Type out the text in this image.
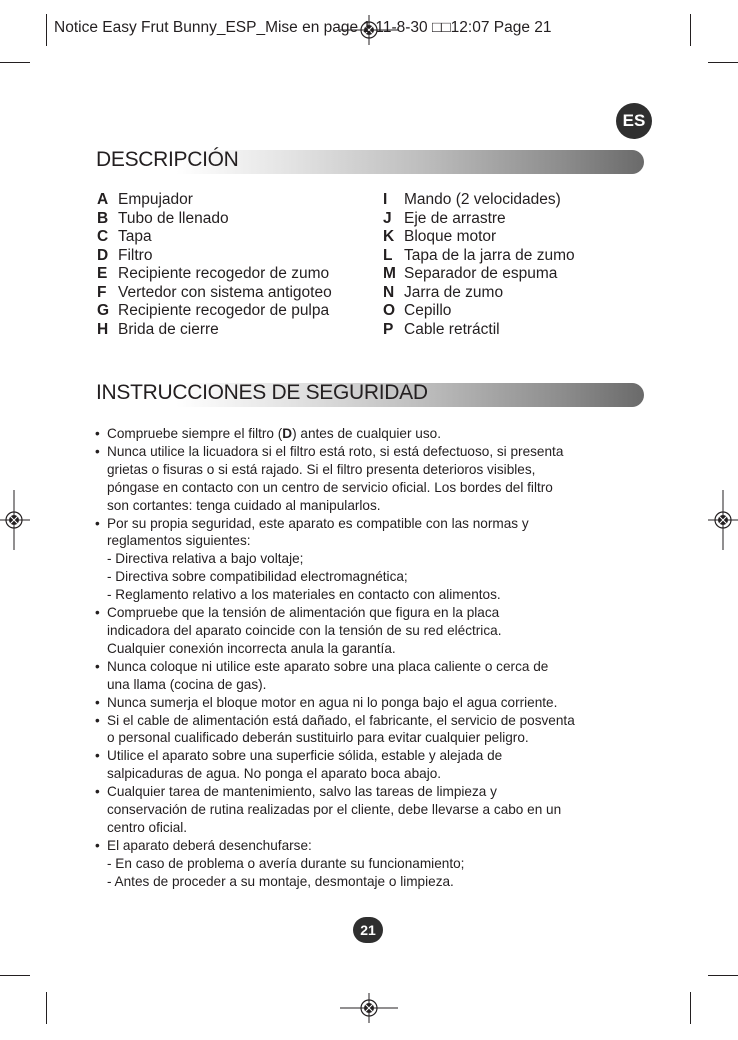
Notice Easy Frut Bunny_ESP_Mise en page 1 11-8-30 □□12:07 Page 21
ES
DESCRIPCIÓN
A Empujador
B Tubo de llenado
C Tapa
D Filtro
E Recipiente recogedor de zumo
F Vertedor con sistema antigoteo
G Recipiente recogedor de pulpa
H Brida de cierre
I	Mando (2 velocidades)
J Eje de arrastre
K Bloque motor
L Tapa de la jarra de zumo
M Separador de espuma
N Jarra de zumo
O Cepillo
P Cable retráctil
INSTRUCCIONES DE SEGURIDAD
• Compruebe siempre el filtro (D) antes de cualquier uso.
• Nunca utilice la licuadora si el filtro está roto, si está defectuoso, si presenta
grietas o fisuras o si está rajado. Si el filtro presenta deterioros visibles,
póngase en contacto con un centro de servicio oficial. Los bordes del filtro
son cortantes: tenga cuidado al manipularlos.
• Por su propia seguridad, este aparato es compatible con las normas y
reglamentos siguientes:
- Directiva relativa a bajo voltaje;
- Directiva sobre compatibilidad electromagnética;
- Reglamento relativo a los materiales en contacto con alimentos.
• Compruebe que la tensión de alimentación que figura en la placa
indicadora del aparato coincide con la tensión de su red eléctrica.
Cualquier conexión incorrecta anula la garantía.
• Nunca coloque ni utilice este aparato sobre una placa caliente o cerca de
una llama (cocina de gas).
• Nunca sumerja el bloque motor en agua ni lo ponga bajo el agua corriente.
• Si el cable de alimentación está dañado, el fabricante, el servicio de posventa
o personal cualificado deberán sustituirlo para evitar cualquier peligro.
• Utilice el aparato sobre una superficie sólida, estable y alejada de
salpicaduras de agua. No ponga el aparato boca abajo.
• Cualquier tarea de mantenimiento, salvo las tareas de limpieza y
conservación de rutina realizadas por el cliente, debe llevarse a cabo en un
centro oficial.
• El aparato deberá desenchufarse:
- En caso de problema o avería durante su funcionamiento;
- Antes de proceder a su montaje, desmontaje o limpieza.
21
